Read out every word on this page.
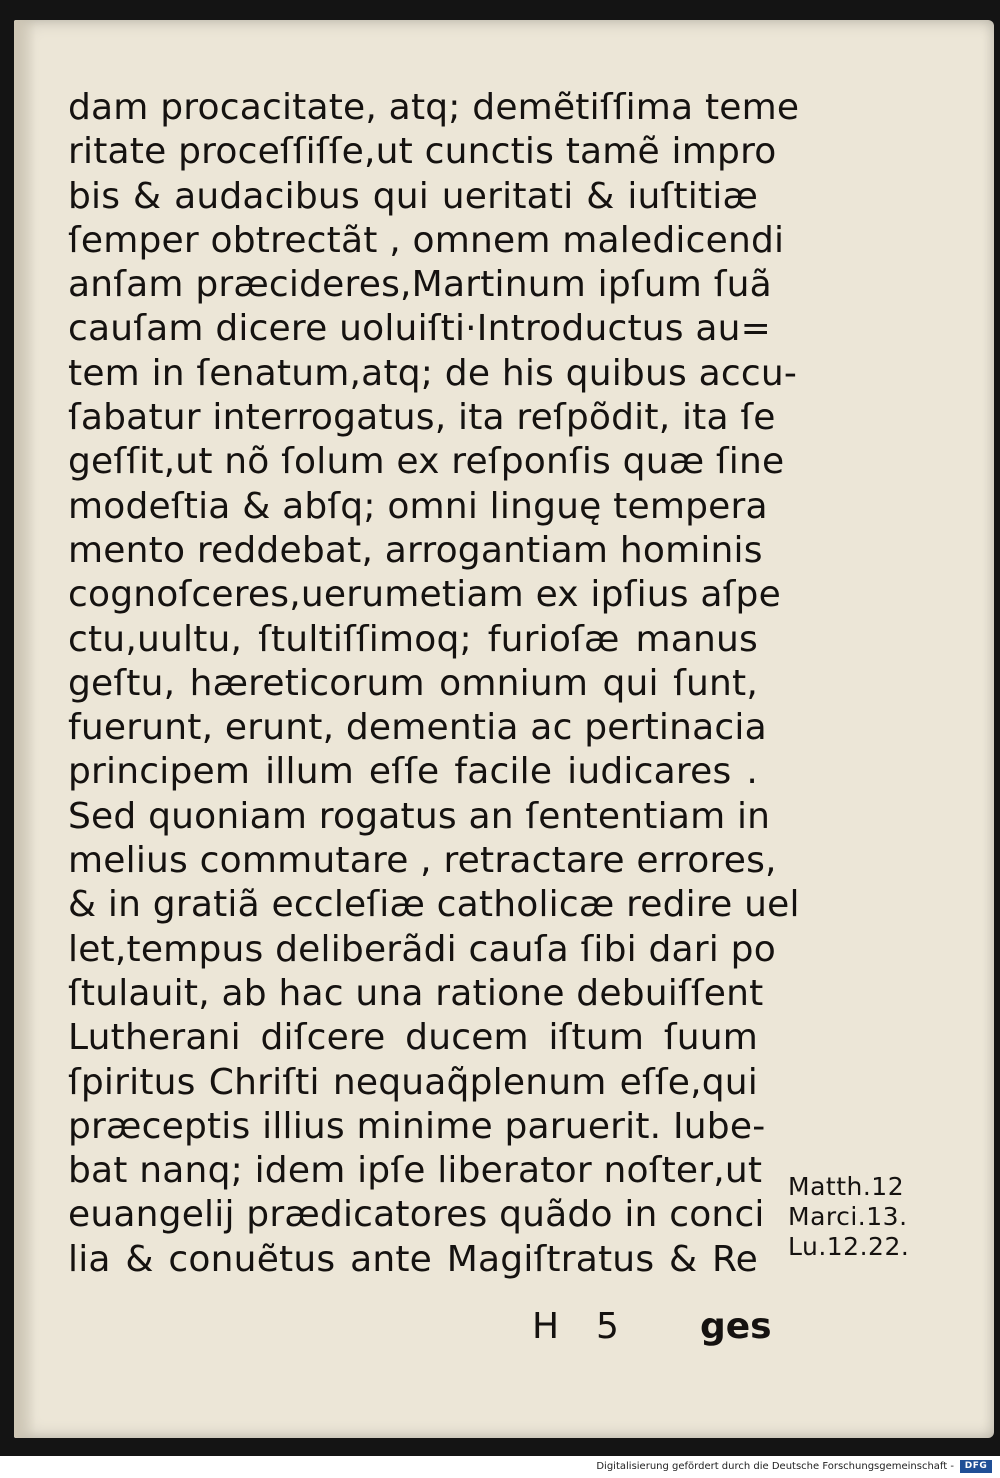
dam procacitate, atq; demẽtiſſima teme
ritate proceſſiſſe,ut cunctis tamẽ impro
bis & audacibus qui ueritati & iuſtitiæ
ſemper obtrectãt , omnem maledicendi
anſam præcideres,Martinum ipſum ſuã
cauſam dicere uoluiſti·Introductus au=
tem in ſenatum,atq; de his quibus accu-
ſabatur interrogatus, ita reſpõdit, ita ſe
geſſit,ut nõ ſolum ex reſponſis quæ ſine
modeſtia & abſq; omni linguę tempera
mento reddebat, arrogantiam hominis
cognoſceres,uerumetiam ex ipſius aſpe
ctu,uultu, ſtultiſſimoq; furioſæ manus
geſtu, hæreticorum omnium qui ſunt,
fuerunt, erunt, dementia ac pertinacia
principem illum eſſe facile iudicares .
Sed quoniam rogatus an ſententiam in
melius commutare , retractare errores,
& in gratiã eccleſiæ catholicæ redire uel
let,tempus deliberãdi cauſa ſibi dari po
ſtulauit, ab hac una ratione debuiſſent
Lutherani diſcere ducem iſtum ſuum
ſpiritus Chriſti nequaq̃plenum eſſe,qui
præceptis illius minime paruerit. Iube-
bat nanq; idem ipſe liberator noſter,ut
euangelij prædicatores quãdo in conci
lia & conuẽtus ante Magiſtratus & Re
Matth.12
Marci.13.
Lu.12.22.
H 5 ges
Digitalisierung gefördert durch die Deutsche Forschungsgemeinschaft -	DFG
